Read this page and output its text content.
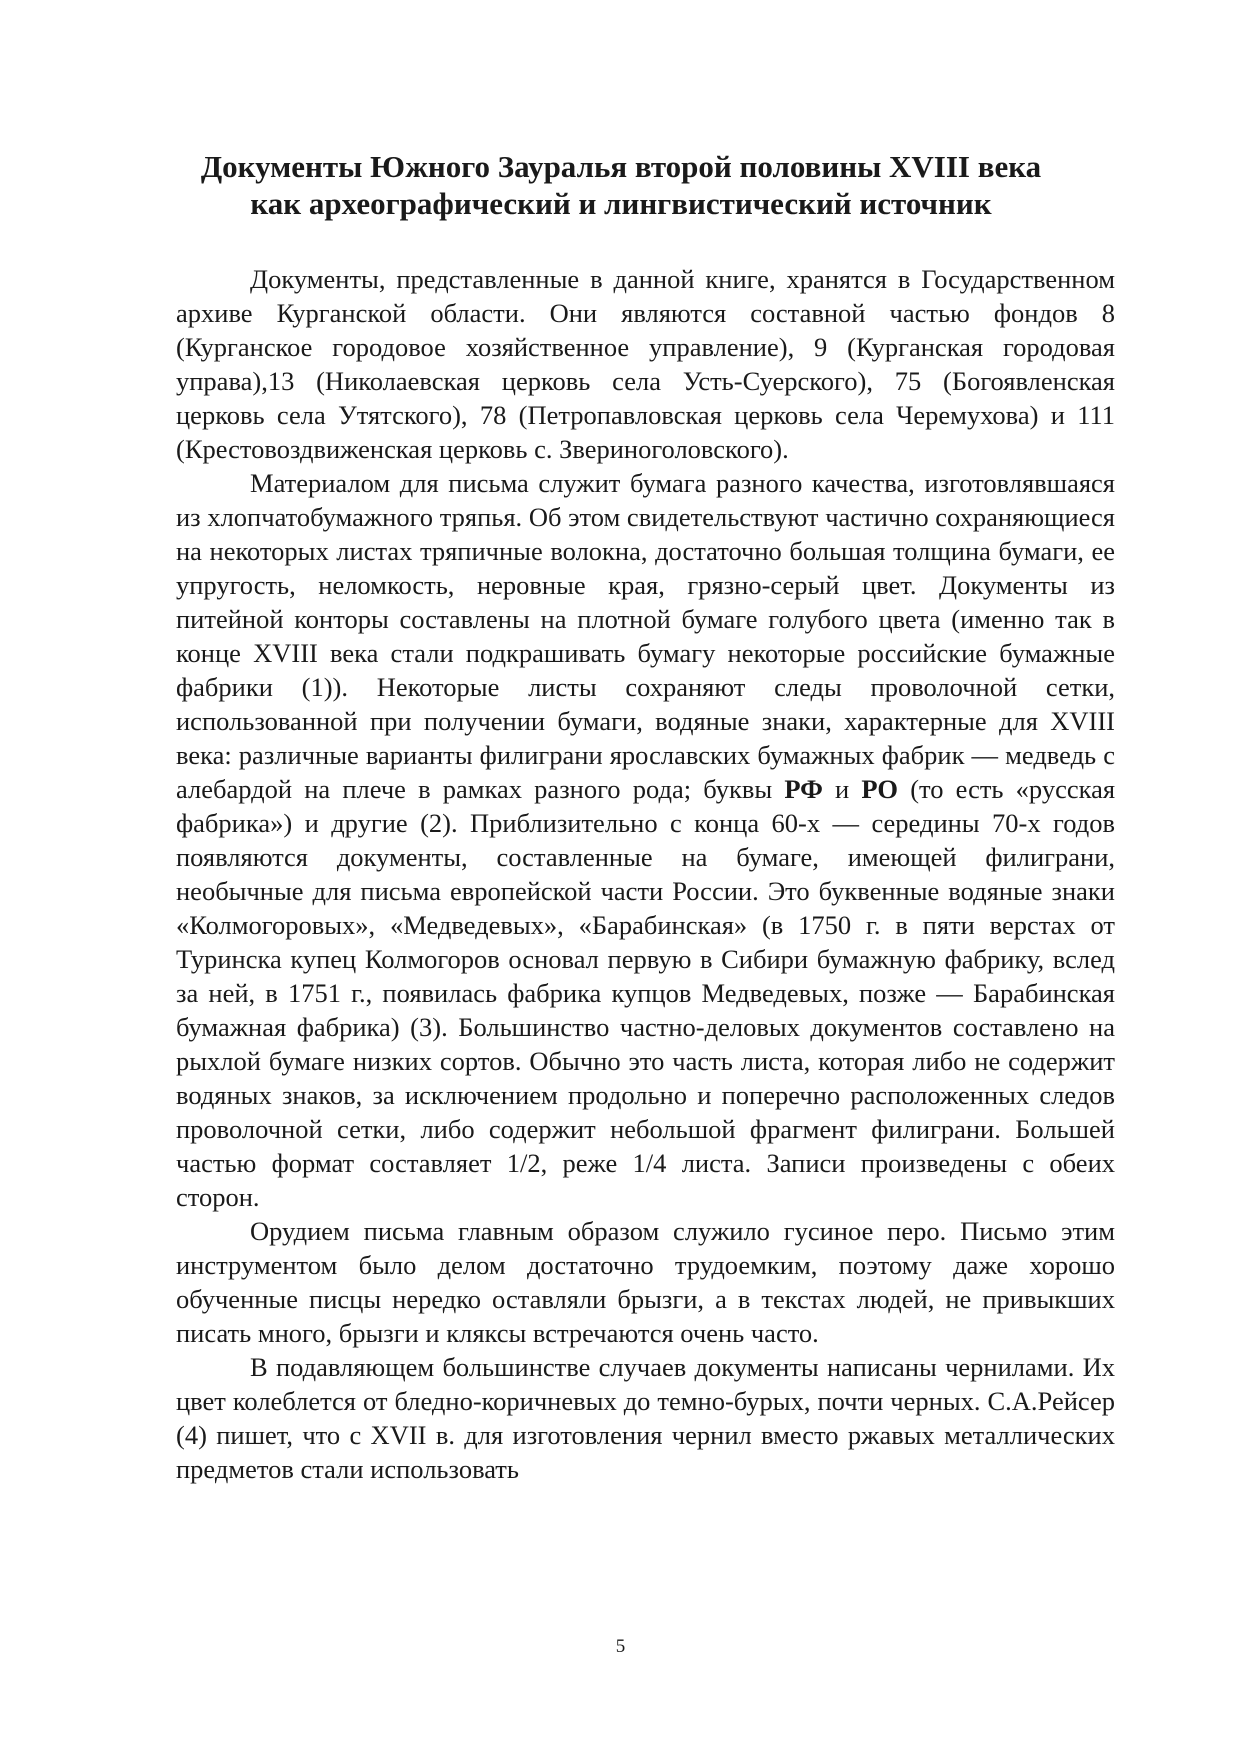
Документы Южного Зауралья второй половины XVIII века
как археографический и лингвистический источник

Документы, представленные в данной книге, хранятся в Государственном архиве Курганской области. Они являются составной частью фондов 8 (Курганское городовое хозяйственное управление), 9 (Курганская городовая управа),13 (Николаевская церковь села Усть-Суерского), 75 (Богоявленская церковь села Утятского), 78 (Петропавловская церковь села Черемухова) и 111 (Крестовоздвиженская церковь с. Звериноголовского).

Материалом для письма служит бумага разного качества, изготовлявшаяся из хлопчатобумажного тряпья. Об этом свидетельствуют частично сохраняющиеся на некоторых листах тряпичные волокна, достаточно большая толщина бумаги, ее упругость, неломкость, неровные края, грязно-серый цвет. Документы из питейной конторы составлены на плотной бумаге голубого цвета (именно так в конце XVIII века стали подкрашивать бумагу некоторые российские бумажные фабрики (1)). Некоторые листы сохраняют следы проволочной сетки, использованной при получении бумаги, водяные знаки, характерные для XVIII века: различные варианты филиграни ярославских бумажных фабрик — медведь с алебардой на плече в рамках разного рода; буквы РФ и РО (то есть «русская фабрика») и другие (2). Приблизительно с конца 60-х — середины 70-х годов появляются документы, составленные на бумаге, имеющей филиграни, необычные для письма европейской части России. Это буквенные водяные знаки «Колмогоровых», «Медведевых», «Барабинская» (в 1750 г. в пяти верстах от Туринска купец Колмогоров основал первую в Сибири бумажную фабрику, вслед за ней, в 1751 г., появилась фабрика купцов Медведевых, позже — Барабинская бумажная фабрика) (3). Большинство частно-деловых документов составлено на рыхлой бумаге низких сортов. Обычно это часть листа, которая либо не содержит водяных знаков, за исключением продольно и поперечно расположенных следов проволочной сетки, либо содержит небольшой фрагмент филиграни. Большей частью формат составляет 1/2, реже 1/4 листа. Записи произведены с обеих сторон.

Орудием письма главным образом служило гусиное перо. Письмо этим инструментом было делом достаточно трудоемким, поэтому даже хорошо обученные писцы нередко оставляли брызги, а в текстах людей, не привыкших писать много, брызги и кляксы встречаются очень часто.

В подавляющем большинстве случаев документы написаны чернилами. Их цвет колеблется от бледно-коричневых до темно-бурых, почти черных. С.А.Рейсер (4) пишет, что с XVII в. для изготовления чернил вместо ржавых металлических предметов стали использовать

5
